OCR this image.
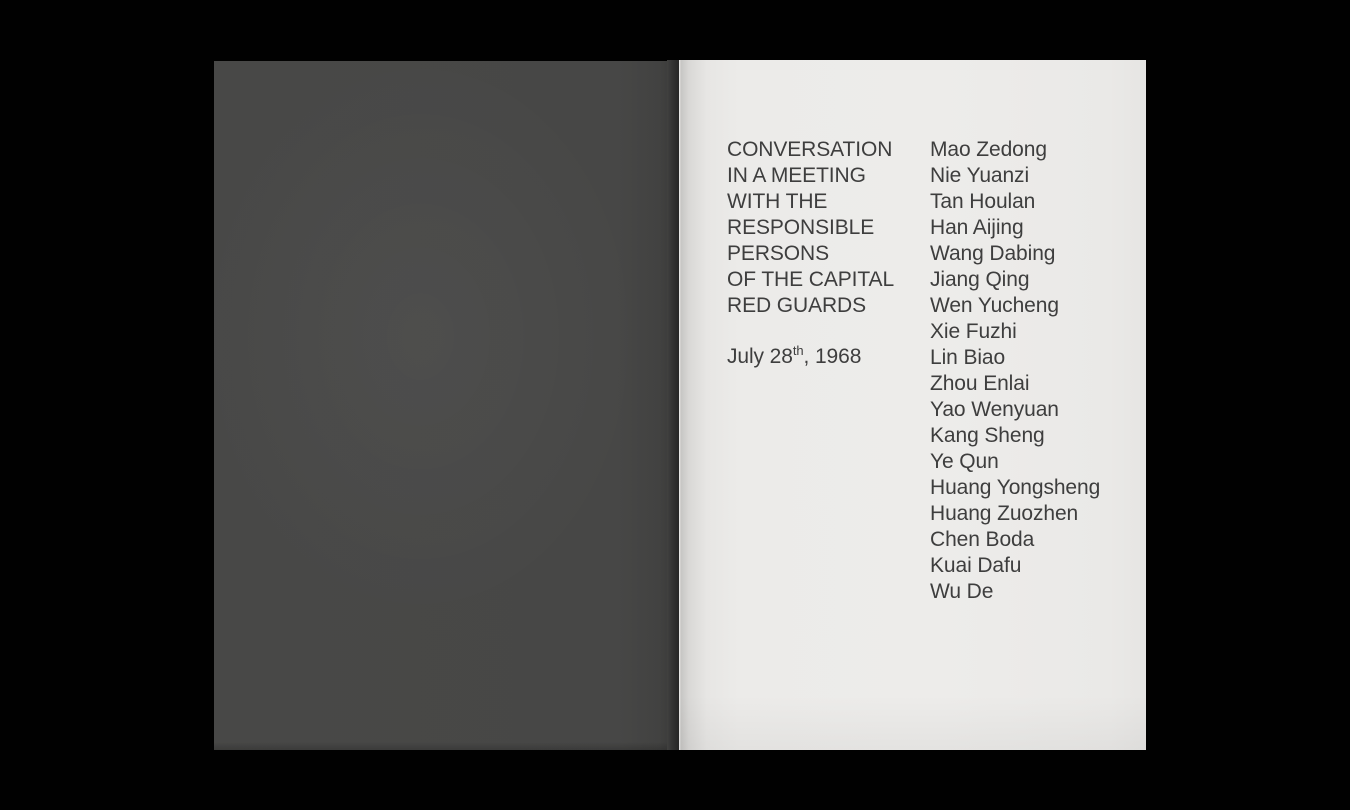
CONVERSATION
IN A MEETING
WITH THE
RESPONSIBLE
PERSONS
OF THE CAPITAL
RED GUARDS
July 28th, 1968
Mao Zedong
Nie Yuanzi
Tan Houlan
Han Aijing
Wang Dabing
Jiang Qing
Wen Yucheng
Xie Fuzhi
Lin Biao
Zhou Enlai
Yao Wenyuan
Kang Sheng
Ye Qun
Huang Yongsheng
Huang Zuozhen
Chen Boda
Kuai Dafu
Wu De
